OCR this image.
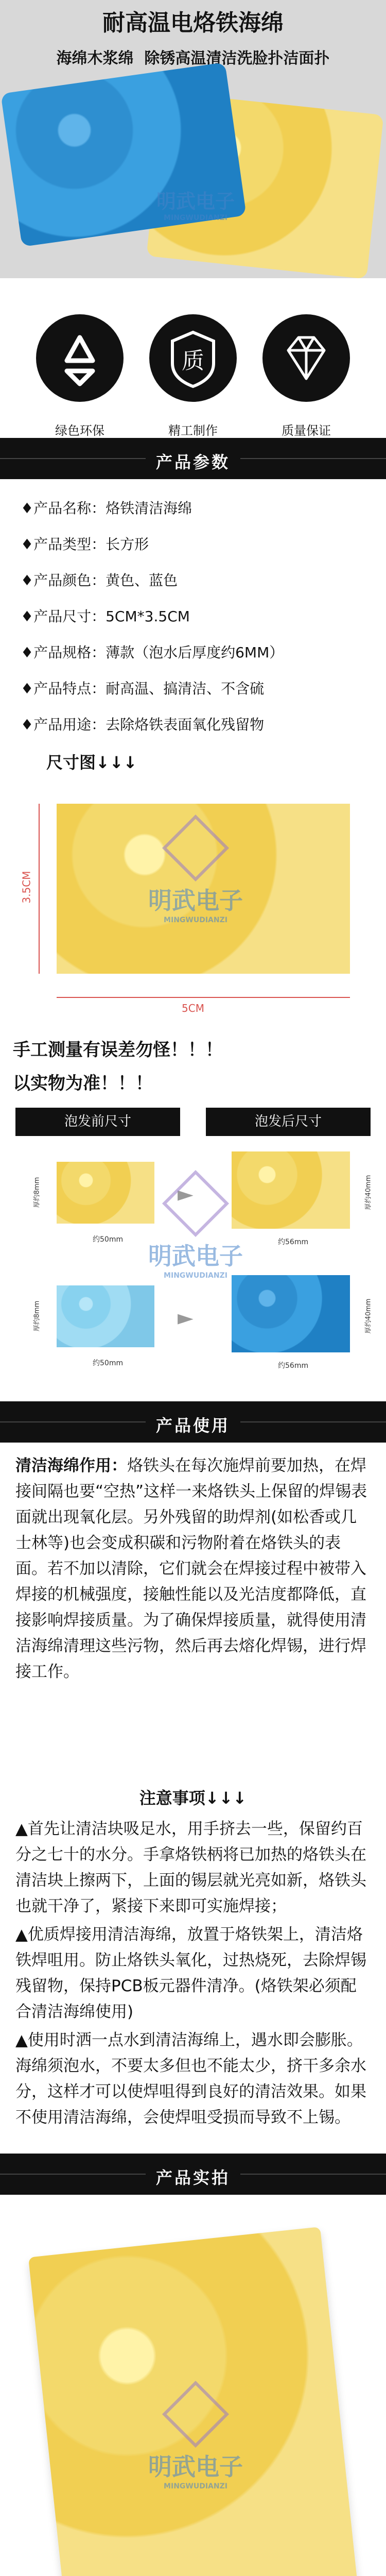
耐高温电烙铁海绵
海绵木浆绵  除锈高温清洁洗脸扑洁面扑
明武电子
MINGWUDIANZI
绿色环保
质
精工制作	质量保证
产品参数
♦产品名称：烙铁清洁海绵
♦产品类型：长方形
♦产品颜色：黄色、蓝色
♦产品尺寸：5CM*3.5CM
♦产品规格：薄款（泡水后厚度约6MM）
♦产品特点：耐高温、搞清洁、不含硫
♦产品用途：去除烙铁表面氧化残留物
尺寸图↓↓↓
3.5CM
5CM
明武电子
MINGWUDIANZI
手工测量有误差勿怪！！！
以实物为准！！！
泡发前尺寸	泡发后尺寸
厚约8mm
约50mm
►	厚约40mm
约56mm
厚约8mm
约50mm
►	厚约40mm
约56mm
明武电子
MINGWUDIANZI
产品使用
清洁海绵作用：烙铁头在每次施焊前要加热，在焊接间隔也要“空热”这样一来烙铁头上保留的焊锡表面就出现氧化层。另外残留的助焊剂(如松香或几士林等)也会变成积碳和污物附着在烙铁头的表面。若不加以清除，它们就会在焊接过程中被带入焊接的机械强度，接触性能以及光洁度都降低，直接影响焊接质量。为了确保焊接质量，就得使用清洁海绵清理这些污物，然后再去熔化焊锡，进行焊接工作。
注意事项↓↓↓
▲首先让清洁块吸足水，用手挤去一些，保留约百分之七十的水分。手拿烙铁柄将已加热的烙铁头在清洁块上擦两下，上面的锡层就光亮如新，烙铁头也就干净了，紧接下来即可实施焊接；
▲优质焊接用清洁海绵，放置于烙铁架上，清洁烙铁焊咀用。防止烙铁头氧化，过热烧死，去除焊锡残留物，保持PCB板元器件清净。(烙铁架必须配合清洁海绵使用)
▲使用时洒一点水到清洁海绵上，遇水即会膨胀。海绵须泡水，不要太多但也不能太少，挤干多余水分，这样才可以使焊咀得到良好的清洁效果。如果不使用清洁海绵，会使焊咀受损而导致不上锡。
产品实拍
明武电子
MINGWUDIANZI
